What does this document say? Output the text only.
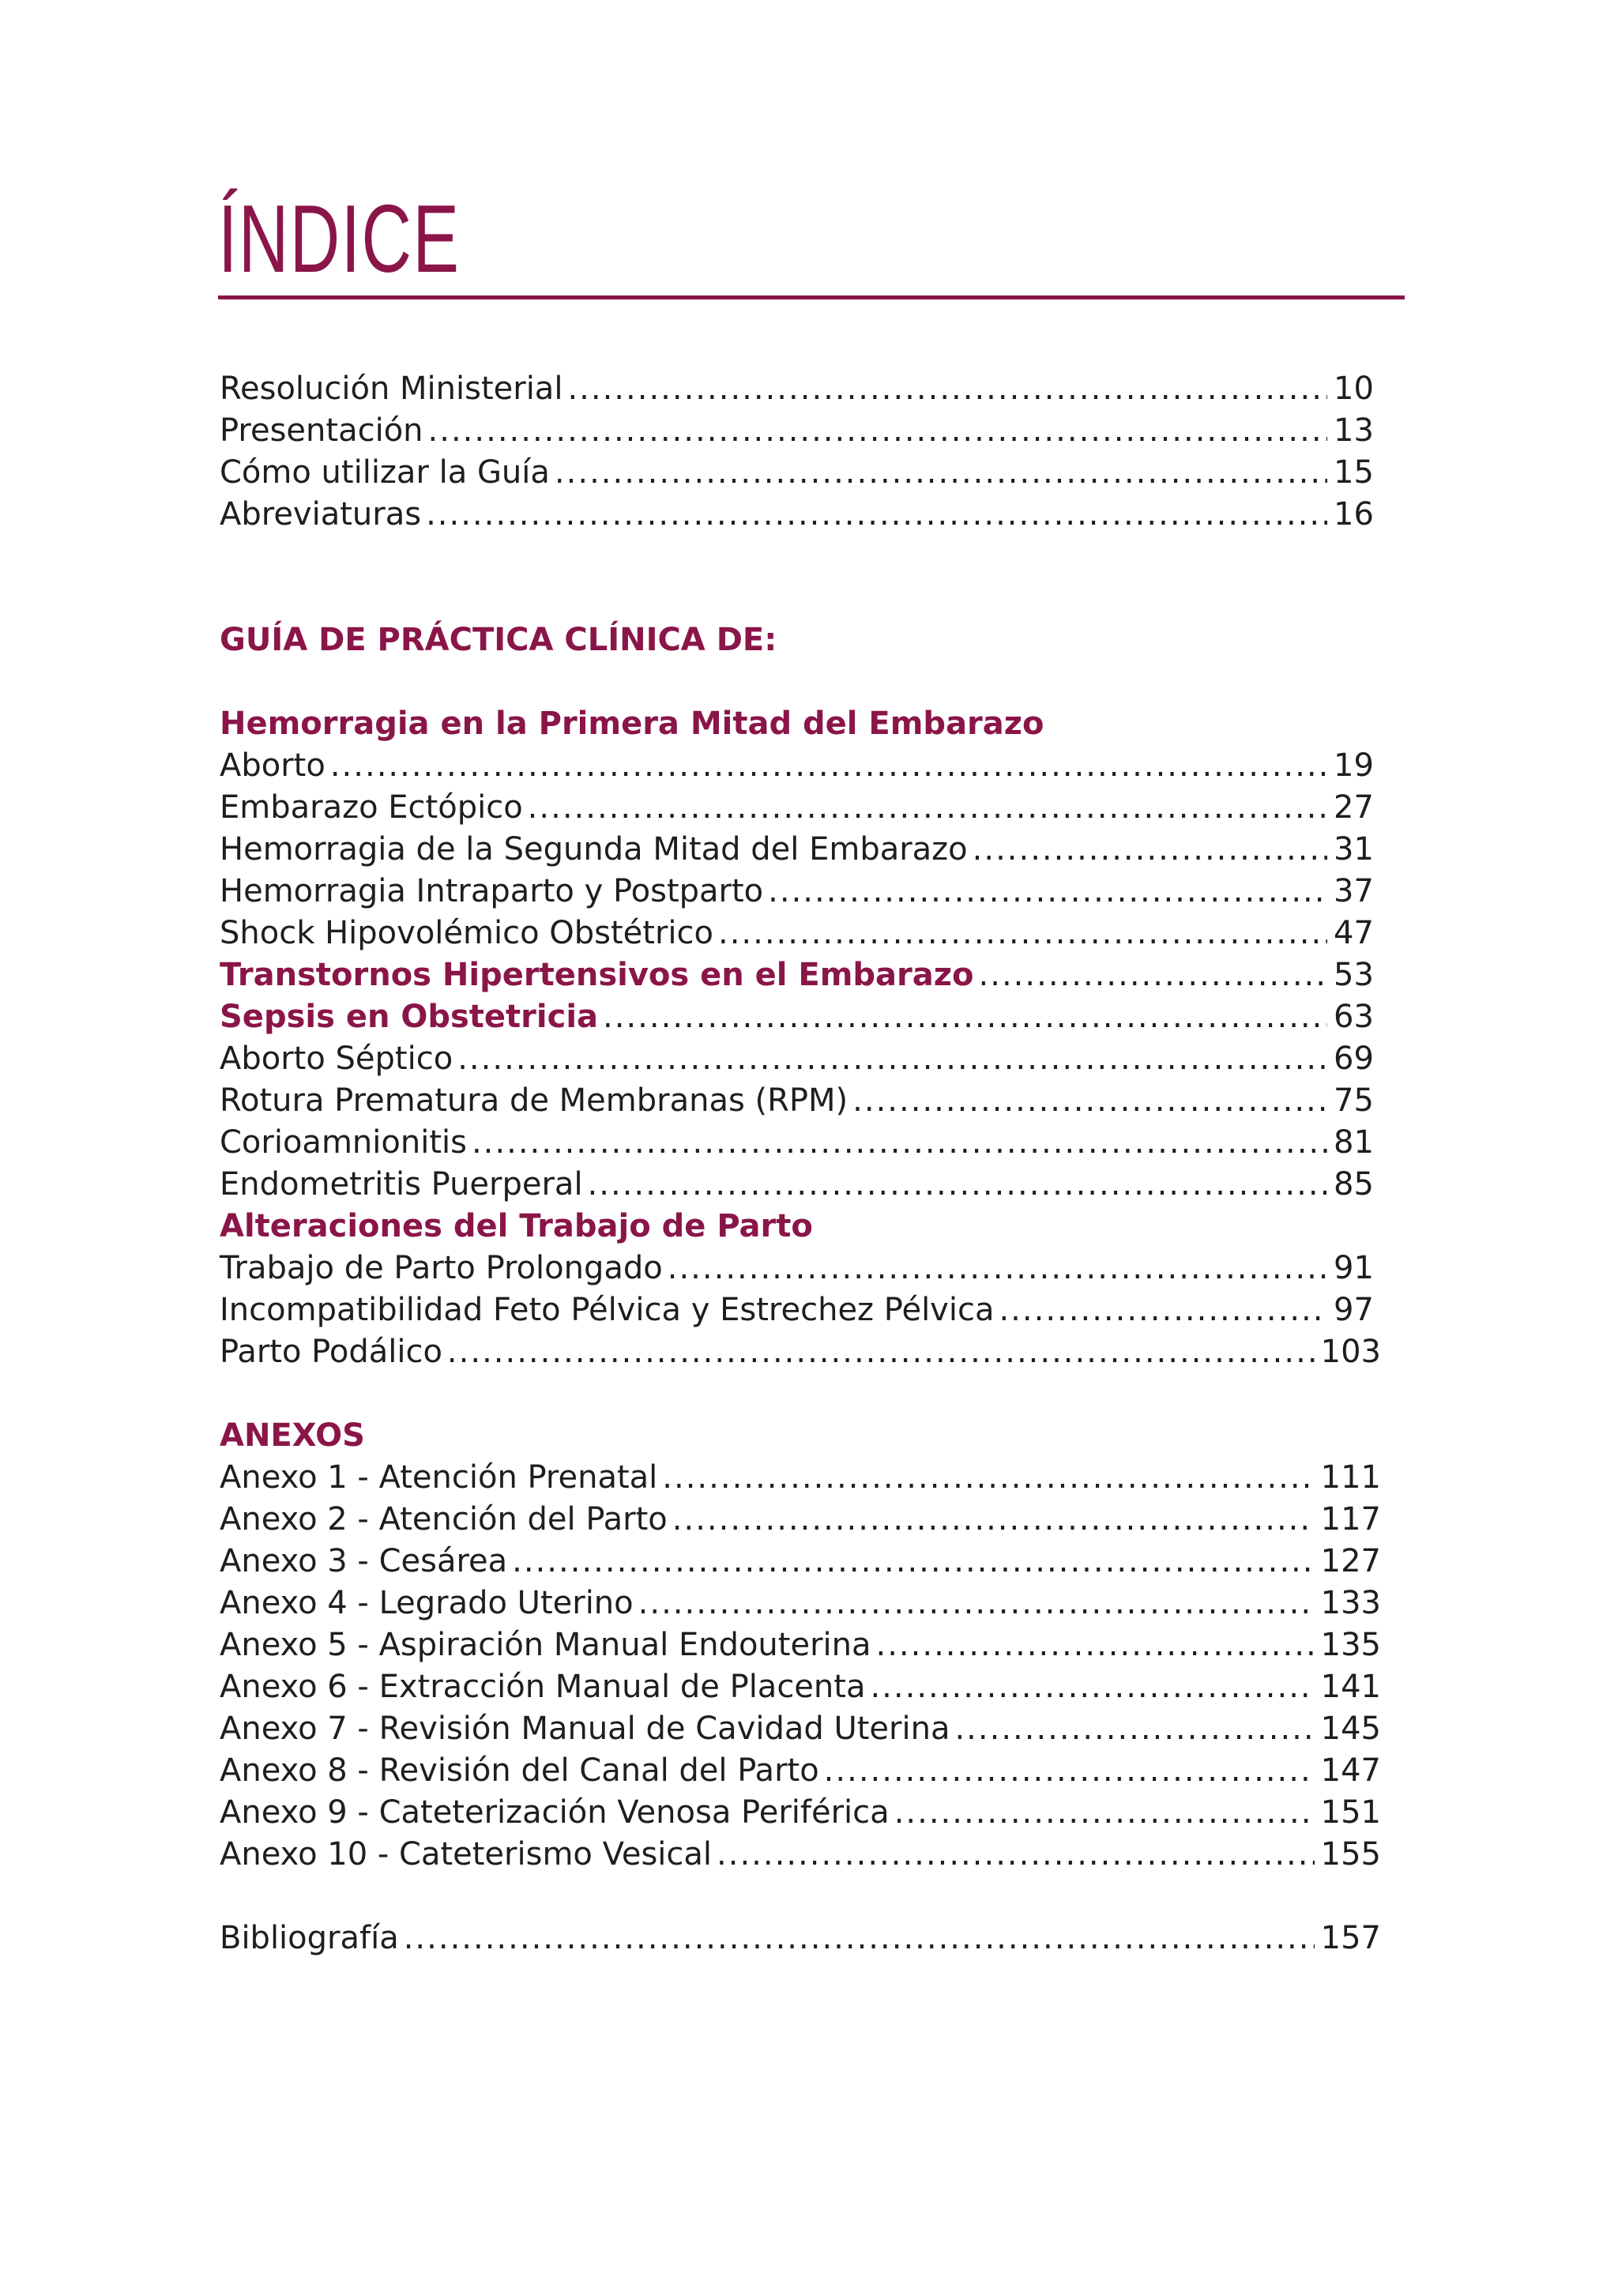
ÍNDICE
Resolución Ministerial .....	10
Presentación .....	13
Cómo utilizar la Guía .....	15
Abreviaturas .....	16
GUÍA DE PRÁCTICA CLÍNICA DE:
Hemorragia en la Primera Mitad del Embarazo
Aborto .....	19
Embarazo Ectópico .....	27
Hemorragia de la Segunda Mitad del Embarazo .....	31
Hemorragia Intraparto y Postparto .....	37
Shock Hipovolémico Obstétrico .....	47
Transtornos Hipertensivos en el Embarazo .....	53
Sepsis en Obstetricia .....	63
Aborto Séptico .....	69
Rotura Prematura de Membranas (RPM) .....	75
Corioamnionitis .....	81
Endometritis Puerperal .....	85
Alteraciones del Trabajo de Parto
Trabajo de Parto Prolongado .....	91
Incompatibilidad Feto Pélvica y Estrechez Pélvica .....	97
Parto Podálico .....	103
ANEXOS
Anexo 1 - Atención Prenatal .....	111
Anexo 2 - Atención del Parto .....	117
Anexo 3 - Cesárea .....	127
Anexo 4 - Legrado Uterino .....	133
Anexo 5 - Aspiración Manual Endouterina .....	135
Anexo 6 - Extracción Manual de Placenta .....	141
Anexo 7 - Revisión Manual de Cavidad Uterina .....	145
Anexo 8 - Revisión del Canal del Parto .....	147
Anexo 9 - Cateterización Venosa Periférica .....	151
Anexo 10 - Cateterismo Vesical .....	155
Bibliografía .....	157
